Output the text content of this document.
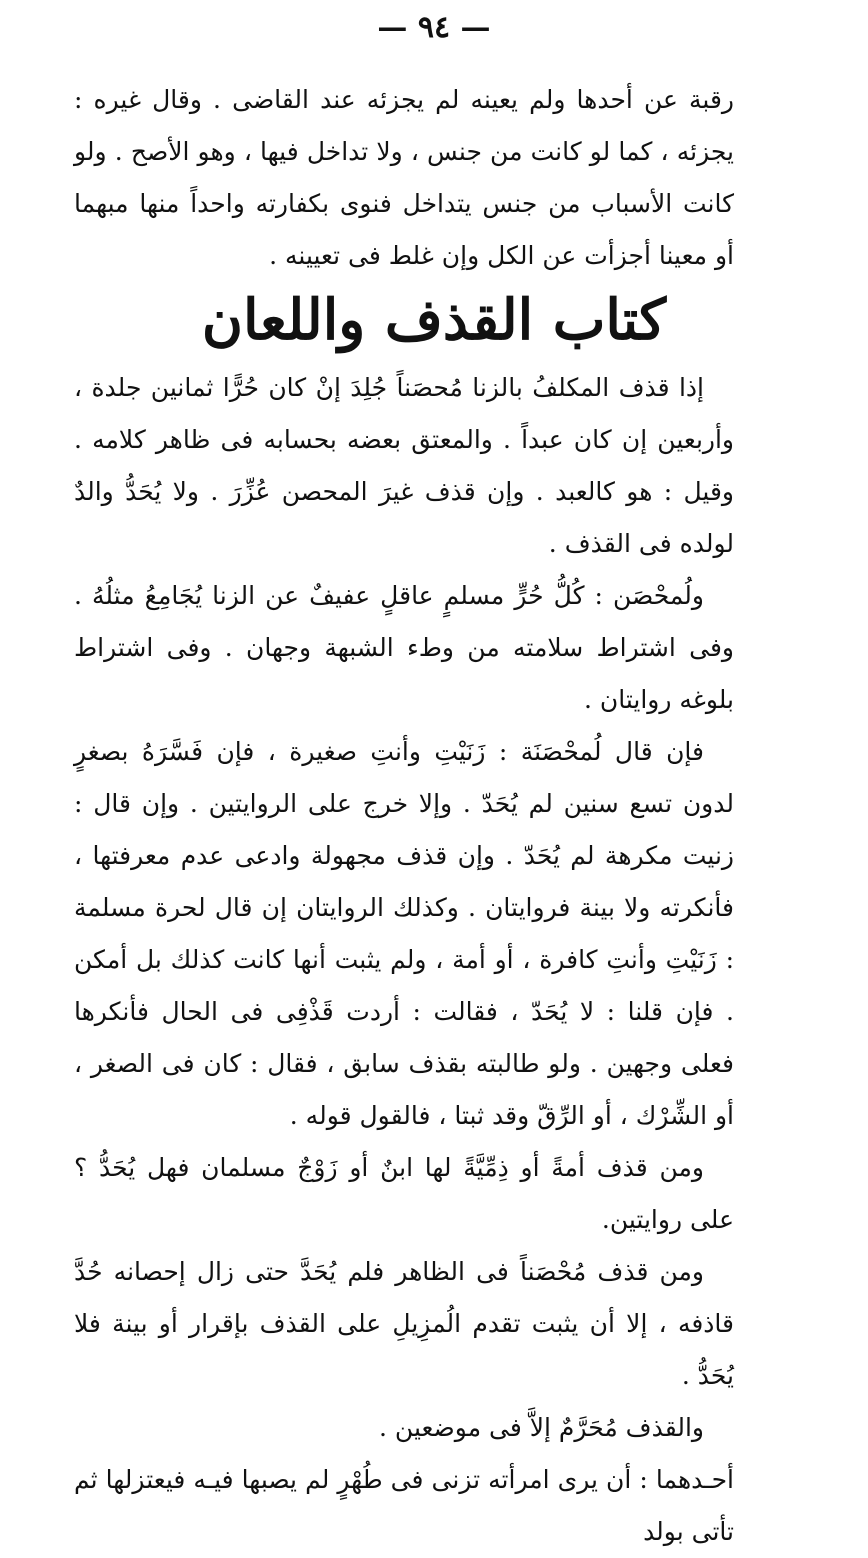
— ٩٤ —

رقبة عن أحدها ولم يعينه لم يجزئه عند القاضى . وقال غيره : يجزئه ، كما لو كانت من جنس ، ولا تداخل فيها ، وهو الأصح . ولو كانت الأسباب من جنس يتداخل فنوى بكفارته واحداً منها مبهما أو معينا أجزأت عن الكل وإن غلط فى تعيينه .

كتاب القذف واللعان

إذا قذف المكلفُ بالزنا مُحصَناً جُلِدَ إنْ كان حُرًّا ثمانين جلدة ، وأربعين إن كان عبداً . والمعتق بعضه بحسابه فى ظاهر كلامه . وقيل : هو كالعبد . وإن قذف غيرَ المحصن عُزِّرَ . ولا يُحَدُّ والدٌ لولده فى القذف .

ولُمحْصَن : كُلُّ حُرٍّ مسلمٍ عاقلٍ عفيفٌ عن الزنا يُجَامِعُ مثلُهُ . وفى اشتراط سلامته من وطء الشبهة وجهان . وفى اشتراط بلوغه روايتان .

فإن قال لُمحْصَنَة : زَنَيْتِ وأنتِ صغيرة ، فإن فَسَّرَهُ بصغرٍ لدون تسع سنين لم يُحَدّ . وإلا خرج على الروايتين . وإن قال : زنيت مكرهة لم يُحَدّ . وإن قذف مجهولة وادعى عدم معرفتها ، فأنكرته ولا بينة فروايتان . وكذلك الروايتان إن قال لحرة مسلمة : زَنَيْتِ وأنتِ كافرة ، أو أمة ، ولم يثبت أنها كانت كذلك بل أمكن . فإن قلنا : لا يُحَدّ ، فقالت : أردت قَذْفِى فى الحال فأنكرها فعلى وجهين . ولو طالبته بقذف سابق ، فقال : كان فى الصغر ، أو الشِّرْك ، أو الرِّقّ وقد ثبتا ، فالقول قوله .

ومن قذف أمةً أو ذِمِّيَّةً لها ابنٌ أو زَوْجٌ مسلمان فهل يُحَدُّ ؟ على روايتين.

ومن قذف مُحْصَناً فى الظاهر فلم يُحَدَّ حتى زال إحصانه حُدَّ قاذفه ، إلا أن يثبت تقدم الُمزِيلِ على القذف بإقرار أو بينة فلا يُحَدُّ .

والقذف مُحَرَّمٌ إلاَّ فى موضعين .

أحـدهما : أن يرى امرأته تزنى فى طُهْرٍ لم يصبها فيـه فيعتزلها ثم تأتى بولد
